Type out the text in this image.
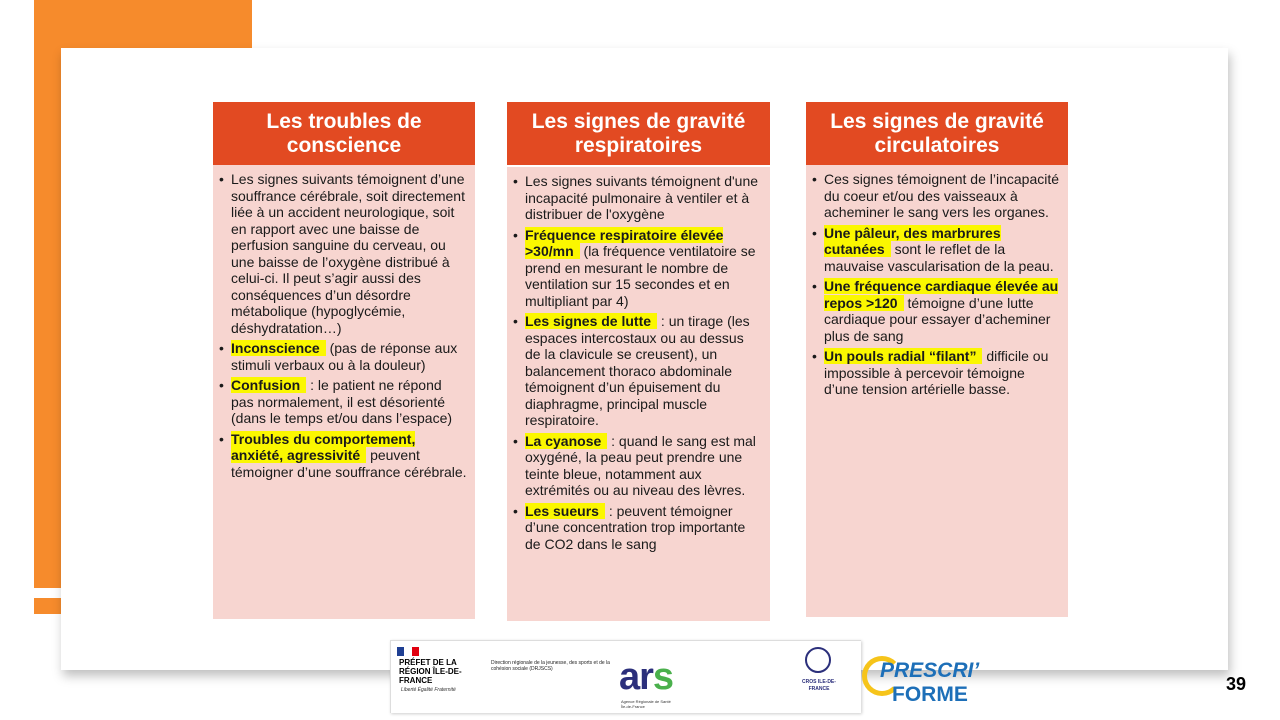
Les troubles de conscience
• Les signes suivants témoignent d’une souffrance cérébrale, soit directement liée à un accident neurologique, soit en rapport avec une baisse de perfusion sanguine du cerveau, ou une baisse de l’oxygène distribué à celui-ci. Il peut s’agir aussi des conséquences d’un désordre métabolique (hypoglycémie, déshydratation…)
• Inconscience (pas de réponse aux stimuli verbaux ou à la douleur)
• Confusion : le patient ne répond pas normalement, il est désorienté (dans le temps et/ou dans l’espace)
• Troubles du comportement, anxiété, agressivité peuvent témoigner d’une souffrance cérébrale.
Les signes de gravité respiratoires
• Les signes suivants témoignent d'une incapacité pulmonaire à ventiler et à distribuer de l'oxygène
• Fréquence respiratoire élevée >30/mn (la fréquence ventilatoire se prend en mesurant le nombre de ventilation sur 15 secondes et en multipliant par 4)
• Les signes de lutte : un tirage (les espaces intercostaux ou au dessus de la clavicule se creusent), un balancement thoraco abdominale témoignent d’un épuisement du diaphragme, principal muscle respiratoire.
• La cyanose : quand le sang est mal oxygéné, la peau peut prendre une teinte bleue, notamment aux extrémités ou au niveau des lèvres.
• Les sueurs : peuvent témoigner d’une concentration trop importante de CO2 dans le sang
Les signes de gravité circulatoires
• Ces signes témoignent de l’incapacité du coeur et/ou des vaisseaux à acheminer le sang vers les organes.
• Une pâleur, des marbrures cutanées sont le reflet de la mauvaise vascularisation de la peau.
• Une fréquence cardiaque élevée au repos >120 témoigne d’une lutte cardiaque pour essayer d’acheminer plus de sang
• Un pouls radial “filant” difficile ou impossible à percevoir témoigne d’une tension artérielle basse.
PRÉFET DE LA RÉGION ÎLE-DE-FRANCE
Liberté Égalité Fraternité
Direction régionale de la jeunesse, des sports et de la cohésion sociale (DRJSCS)	ars
Agence Régionale de Santé Île-de-France
CROS ILE-DE-FRANCE
PRESCRI’
FORME	39
